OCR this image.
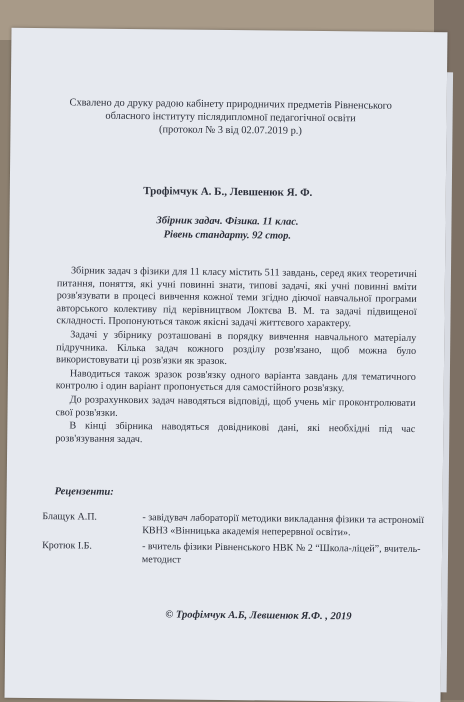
Схвалено до друку радою кабінету природничих предметів Рівненського
обласного інституту післядипломної педагогічної освіти
(протокол № 3 від 02.07.2019 р.)
Трофімчук А. Б., Левшенюк Я. Ф.
Збірник задач. Фізика. 11 клас.
Рівень стандарту. 92 стор.

Збірник задач з фізики для 11 класу містить 511 завдань, серед яких теоретичні питання, поняття, які учні повинні знати, типові задачі, які учні повинні вміти розв'язувати в процесі вивчення кожної теми згідно діючої навчальної програми авторського колективу під керівництвом Локтєва В. М. та задачі підвищеної складності. Пропонуються також якісні задачі життєвого характеру.

Задачі у збірнику розташовані в порядку вивчення навчального матеріалу підручника. Кілька задач кожного розділу розв'язано, щоб можна було використовувати ці розв'язки як зразок.

Наводиться також зразок розв'язку одного варіанта завдань для тематичного контролю і один варіант пропонується для самостійного розв'язку.

До розрахункових задач наводяться відповіді, щоб учень міг проконтролювати свої розв'язки.

В кінці збірника наводяться довідникові дані, які необхідні під час розв'язування задач.

Рецензенти:
Блащук А.П.	- завідувач лабораторії методики викладання фізики та астрономії КВНЗ «Вінницька академія неперервної освіти».
Кротюк І.Б.	- вчитель фізики Рівненського НВК № 2 “Школа-ліцей”, вчитель-методист
© Трофімчук А.Б, Левшенюк Я.Ф. , 2019
